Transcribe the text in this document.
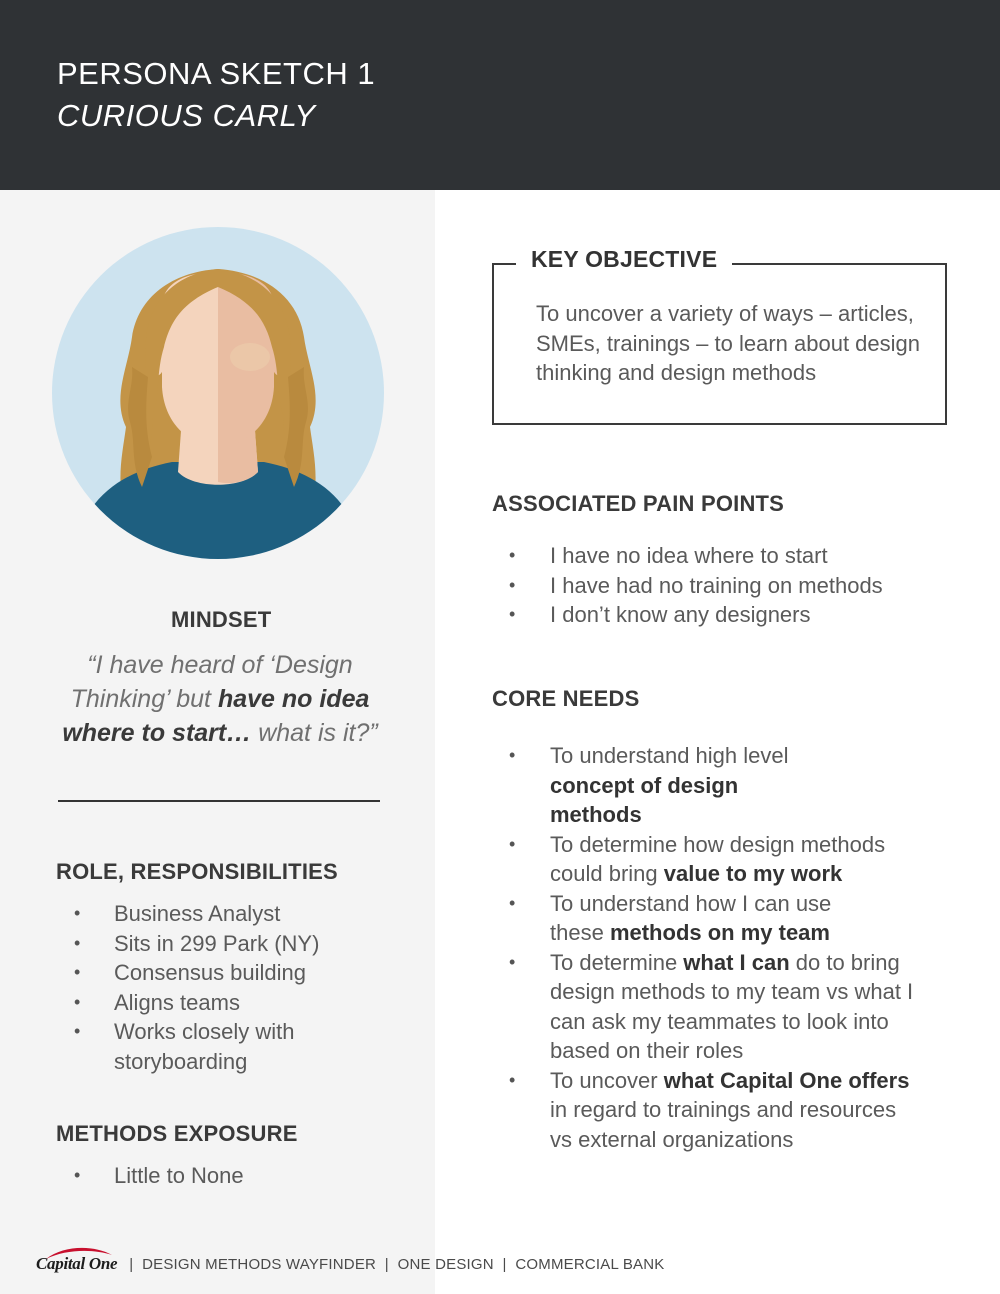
PERSONA SKETCH 1
CURIOUS CARLY
MINDSET
“I have heard of ‘Design Thinking’ but have no idea where to start… what is it?”
ROLE, RESPONSIBILITIES
• Business Analyst
• Sits in 299 Park (NY)
• Consensus building
• Aligns teams
• Works closely with storyboarding
METHODS EXPOSURE
• Little to None
KEY OBJECTIVE
To uncover a variety of ways – articles, SMEs, trainings – to learn about design thinking and design methods
ASSOCIATED PAIN POINTS
• I have no idea where to start
• I have had no training on methods
• I don’t know any designers
CORE NEEDS
• To understand high level concept of design methods
• To determine how design methods could bring value to my work
• To understand how I can use these methods on my team
• To determine what I can do to bring design methods to my team vs what I can ask my teammates to look into based on their roles
• To uncover what Capital One offers in regard to trainings and resources vs external organizations
Capital One |  DESIGN METHODS WAYFINDER  |  ONE DESIGN  |  COMMERCIAL BANK
